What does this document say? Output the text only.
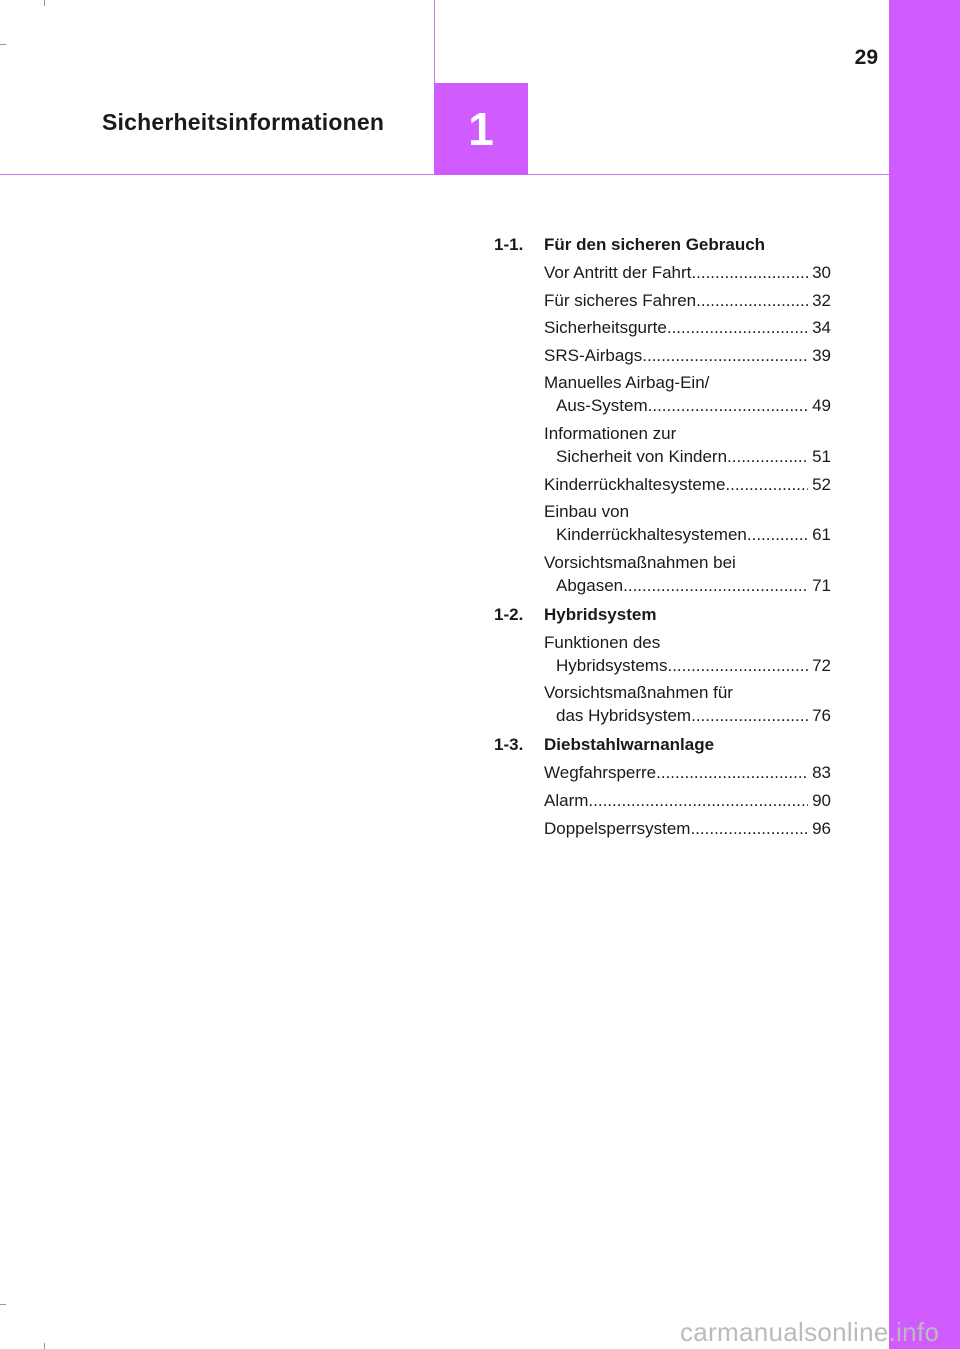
29
Sicherheitsinformationen	1
1-1.	Für den sicheren Gebrauch
Vor Antritt der Fahrt .....	30
Für sicheres Fahren .....	32
Sicherheitsgurte .....	34
SRS-Airbags .....	39
Manuelles Airbag-Ein/
Aus-System .....	49
Informationen zur
Sicherheit von Kindern .....	51
Kinderrückhaltesysteme .....	52
Einbau von
Kinderrückhaltesystemen .....	61
Vorsichtsmaßnahmen bei
Abgasen .....	71
1-2.	Hybridsystem
Funktionen des
Hybridsystems .....	72
Vorsichtsmaßnahmen für
das Hybridsystem .....	76
1-3.	Diebstahlwarnanlage
Wegfahrsperre .....	83
Alarm .....	90
Doppelsperrsystem .....	96
carmanualsonline.info
